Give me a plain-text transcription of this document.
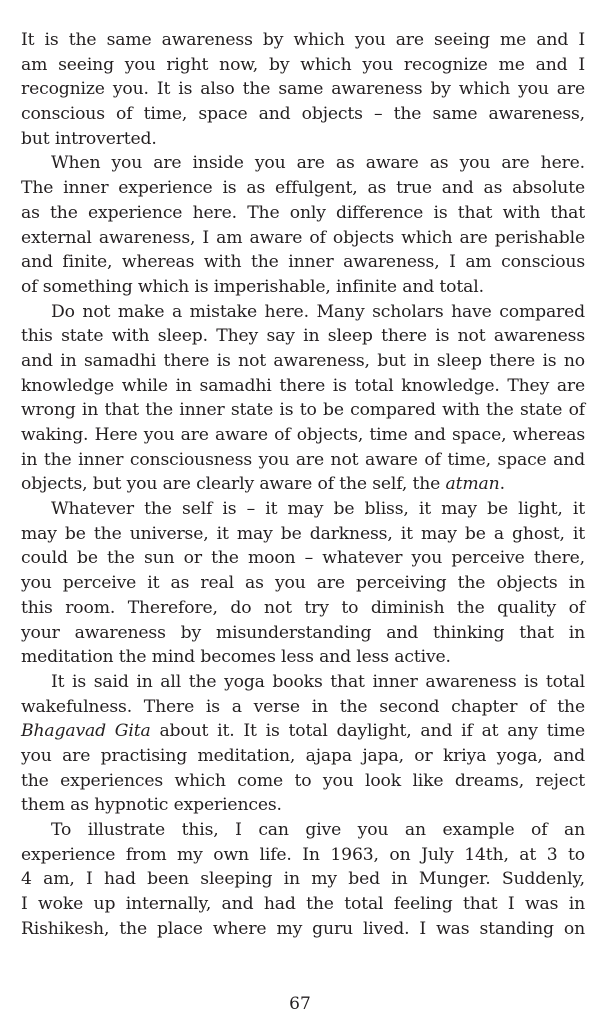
It is the same awareness by which you are seeing me and I
am seeing you right now, by which you recognize me and I
recognize you. It is also the same awareness by which you are
conscious of time, space and objects – the same awareness,
but introverted.
When you are inside you are as aware as you are here.
The inner experience is as effulgent, as true and as absolute
as the experience here. The only difference is that with that
external awareness, I am aware of objects which are perishable
and finite, whereas with the inner awareness, I am conscious
of something which is imperishable, infinite and total.
Do not make a mistake here. Many scholars have compared
this state with sleep. They say in sleep there is not awareness
and in samadhi there is not awareness, but in sleep there is no
knowledge while in samadhi there is total knowledge. They are
wrong in that the inner state is to be compared with the state of
waking. Here you are aware of objects, time and space, whereas
in the inner consciousness you are not aware of time, space and
objects, but you are clearly aware of the self, the atman.
Whatever the self is – it may be bliss, it may be light, it
may be the universe, it may be darkness, it may be a ghost, it
could be the sun or the moon – whatever you perceive there,
you perceive it as real as you are perceiving the objects in
this room. Therefore, do not try to diminish the quality of
your awareness by misunderstanding and thinking that in
meditation the mind becomes less and less active.
It is said in all the yoga books that inner awareness is total
wakefulness. There is a verse in the second chapter of the
Bhagavad Gita about it. It is total daylight, and if at any time
you are practising meditation, ajapa japa, or kriya yoga, and
the experiences which come to you look like dreams, reject
them as hypnotic experiences.
To illustrate this, I can give you an example of an
experience from my own life. In 1963, on July 14th, at 3 to
4 am, I had been sleeping in my bed in Munger. Suddenly,
I woke up internally, and had the total feeling that I was in
Rishikesh, the place where my guru lived. I was standing on
67
